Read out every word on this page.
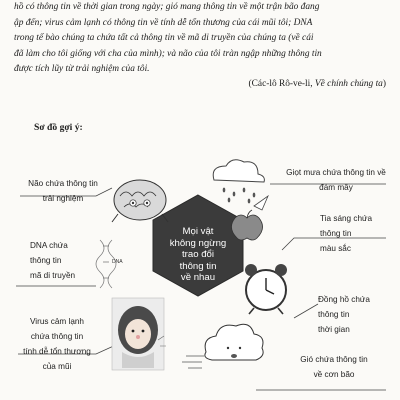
hồ có thông tin về thời gian trong ngày; gió mang thông tin về một trận bão đang
ập đến; virus cảm lạnh có thông tin về tính dễ tổn thương của cái mũi tôi; DNA
trong tế bào chúng ta chứa tất cả thông tin về mã di truyền của chúng ta (về cái
đã làm cho tôi giống với cha của mình); và não của tôi tràn ngập những thông tin
được tích lũy từ trải nghiệm của tôi.
(Các-lô Rô-ve-li, Về chính chúng ta)
Sơ đồ gợi ý:
Mọi vật
không ngừng
trao đổi
thông tin
về nhau
DNA
Não chứa thông tin
trải nghiệm
DNA chứa
thông tin
mã di truyền
Virus cảm lạnh
chứa thông tin
tính dễ tổn thương
của mũi
Giọt mưa chứa thông tin về
đám mây
Tia sáng chứa
thông tin
màu sắc
Đồng hồ chứa
thông tin
thời gian
Gió chứa thông tin
về cơn bão
